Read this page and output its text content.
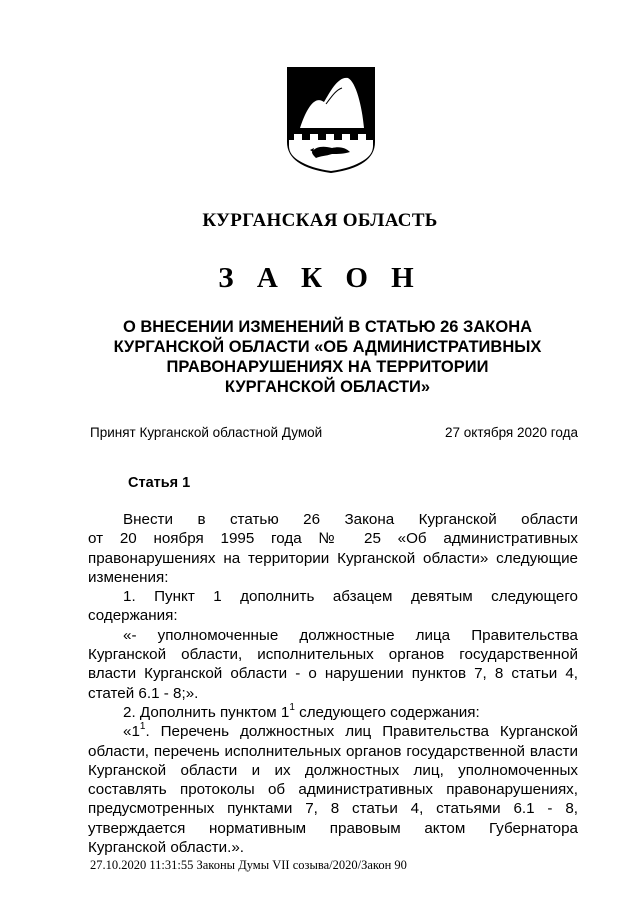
КУРГАНСКАЯ ОБЛАСТЬ
З А К О Н
О ВНЕСЕНИИ ИЗМЕНЕНИЙ В СТАТЬЮ 26 ЗАКОНА
КУРГАНСКОЙ ОБЛАСТИ «ОБ АДМИНИСТРАТИВНЫХ
ПРАВОНАРУШЕНИЯХ НА ТЕРРИТОРИИ
КУРГАНСКОЙ ОБЛАСТИ»
Принят Курганской областной Думой	27 октября 2020 года
Статья 1

Внести в статью 26 Закона Курганской области

от 20 ноября 1995 года № 25 «Об административных

правонарушениях на территории Курганской области» следующие

изменения:

1. Пункт 1 дополнить абзацем девятым следующего

содержания:

«- уполномоченные должностные лица Правительства

Курганской области, исполнительных органов государственной

власти Курганской области - о нарушении пунктов 7, 8 статьи 4,

статей 6.1 - 8;».

2. Дополнить пунктом $1^1$ следующего содержания:

«$1^1$. Перечень должностных лиц Правительства Курганской

области, перечень исполнительных органов государственной власти

Курганской области и их должностных лиц, уполномоченных

составлять протоколы об административных правонарушениях,

предусмотренных пунктами 7, 8 статьи 4, статьями 6.1 - 8,

утверждается нормативным правовым актом Губернатора

Курганской области.».

27.10.2020 11:31:55 Законы Думы VII созыва/2020/Закон 90
